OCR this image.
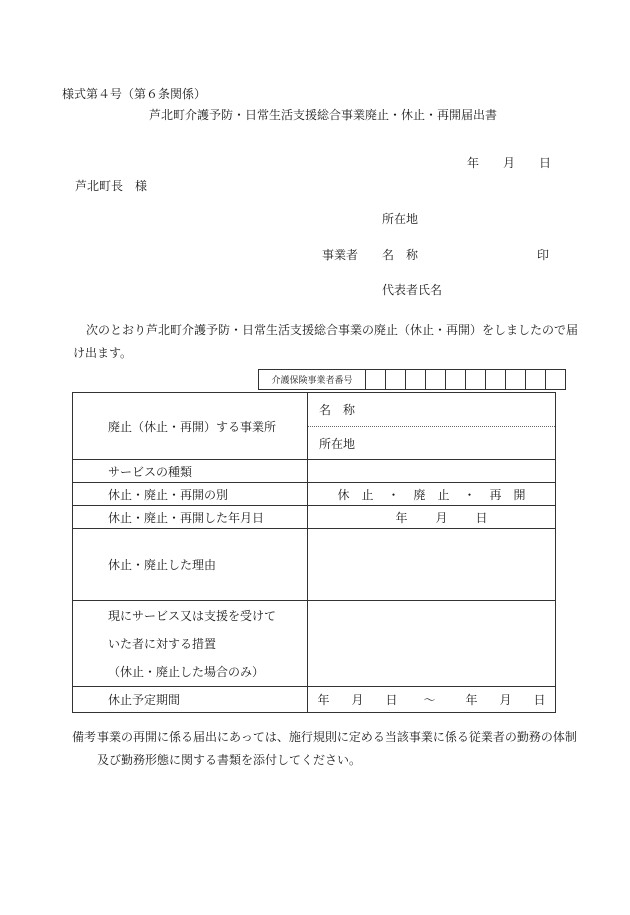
様式第４号（第６条関係）
芦北町介護予防・日常生活支援総合事業廃止・休止・再開届出書
年 月 日
芦北町長　様
所在地
事業者 名　称	印
代表者氏名
次のとおり芦北町介護予防・日常生活支援総合事業の廃止（休止・再開）をしましたので届け出ます。
介護保険事業者番号
廃止（休止・再開）する事業所
名　称
所在地
サービスの種類
休止・廃止・再開の別	休　止 ・ 廃　止 ・ 再　開
休止・廃止・再開した年月日	年	月	日
休止・廃止した理由
現にサービス又は支援を受けて
いた者に対する措置
（休止・廃止した場合のみ）
休止予定期間	年	月	日	～	年	月	日
備考 事業の再開に係る届出にあっては、施行規則に定める当該事業に係る従業者の勤務の体制及び勤務形態に関する書類を添付してください。
